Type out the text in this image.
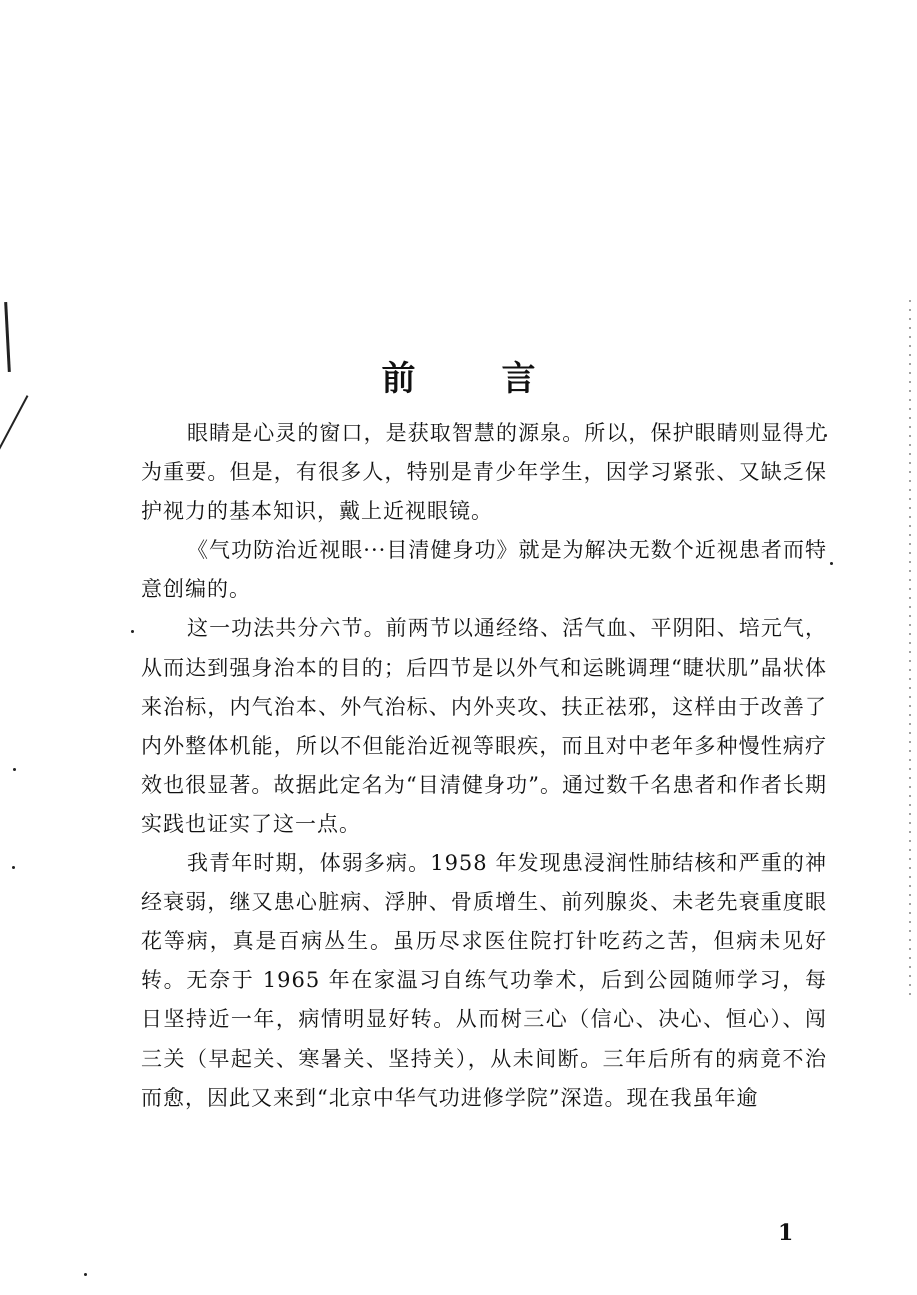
前	言

眼睛是心灵的窗口，是获取智慧的源泉。所以，保护眼睛则显得尤为重要。但是，有很多人，特别是青少年学生，因学习紧张、又缺乏保护视力的基本知识，戴上近视眼镜。

《气功防治近视眼···目清健身功》就是为解决无数个近视患者而特意创编的。

这一功法共分六节。前两节以通经络、活气血、平阴阳、培元气，从而达到强身治本的目的；后四节是以外气和运眺调理“睫状肌”晶状体来治标，内气治本、外气治标、内外夹攻、扶正祛邪，这样由于改善了内外整体机能，所以不但能治近视等眼疾，而且对中老年多种慢性病疗效也很显著。故据此定名为“目清健身功”。通过数千名患者和作者长期实践也证实了这一点。

我青年时期，体弱多病。1958 年发现患浸润性肺结核和严重的神经衰弱，继又患心脏病、浮肿、骨质增生、前列腺炎、未老先衰重度眼花等病，真是百病丛生。虽历尽求医住院打针吃药之苦，但病未见好转。无奈于 1965 年在家温习自练气功拳术，后到公园随师学习，每日坚持近一年，病情明显好转。从而树三心（信心、决心、恒心）、闯三关（早起关、寒暑关、坚持关），从未间断。三年后所有的病竟不治而愈，因此又来到“北京中华气功进修学院”深造。现在我虽年逾

1
